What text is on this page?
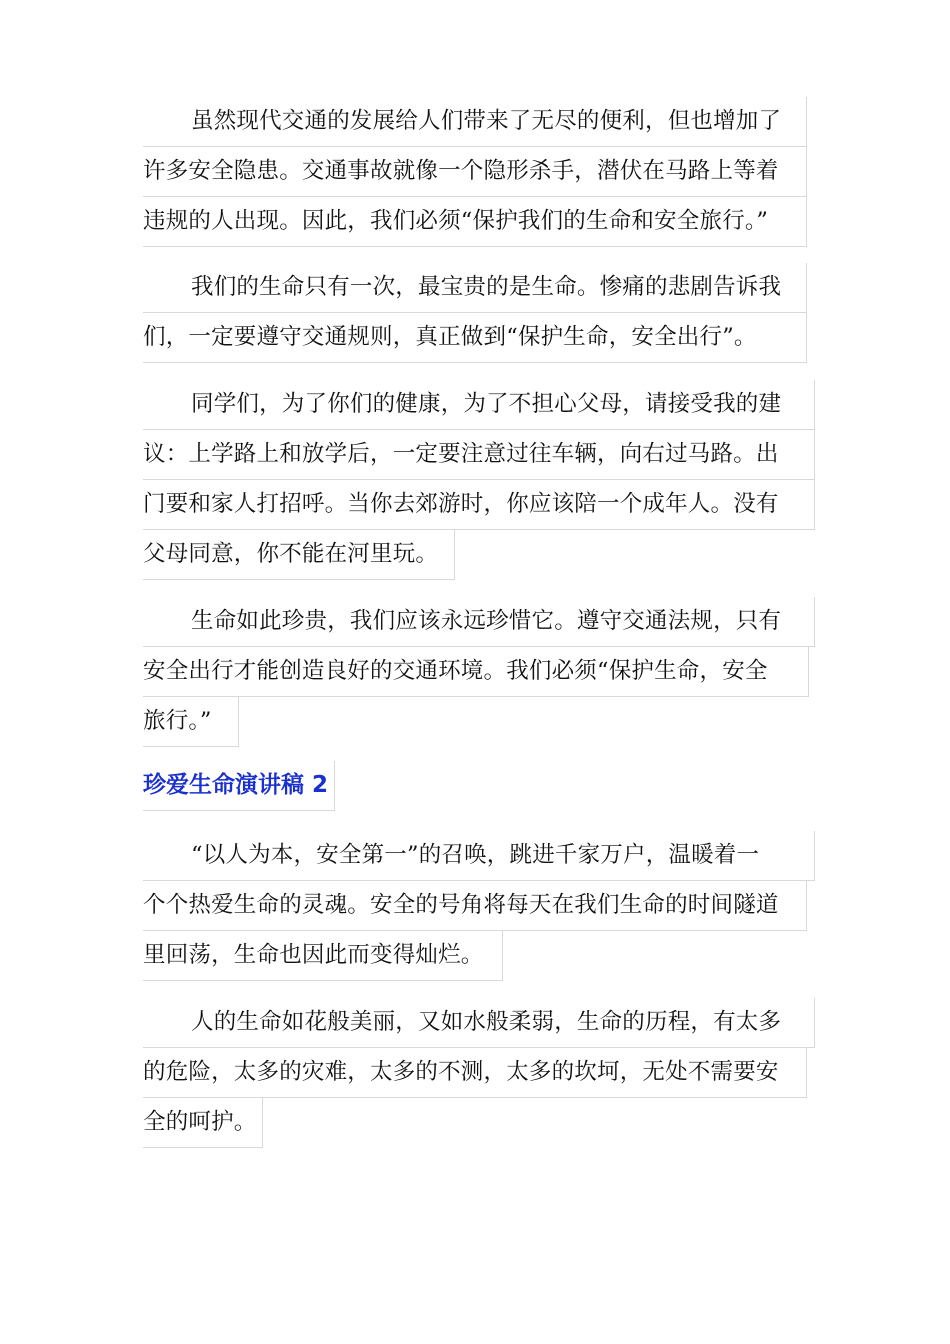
虽然现代交通的发展给人们带来了无尽的便利，但也增加了
许多安全隐患。交通事故就像一个隐形杀手，潜伏在马路上等着
违规的人出现。因此，我们必须“保护我们的生命和安全旅行。”
我们的生命只有一次，最宝贵的是生命。惨痛的悲剧告诉我
们，一定要遵守交通规则，真正做到“保护生命，安全出行”。
同学们，为了你们的健康，为了不担心父母，请接受我的建
议：上学路上和放学后，一定要注意过往车辆，向右过马路。出
门要和家人打招呼。当你去郊游时，你应该陪一个成年人。没有
父母同意，你不能在河里玩。
生命如此珍贵，我们应该永远珍惜它。遵守交通法规，只有
安全出行才能创造良好的交通环境。我们必须“保护生命，安全
旅行。”
珍爱生命演讲稿 2
“以人为本，安全第一”的召唤，跳进千家万户，温暖着一
个个热爱生命的灵魂。安全的号角将每天在我们生命的时间隧道
里回荡，生命也因此而变得灿烂。
人的生命如花般美丽，又如水般柔弱，生命的历程，有太多
的危险，太多的灾难，太多的不测，太多的坎坷，无处不需要安
全的呵护。
